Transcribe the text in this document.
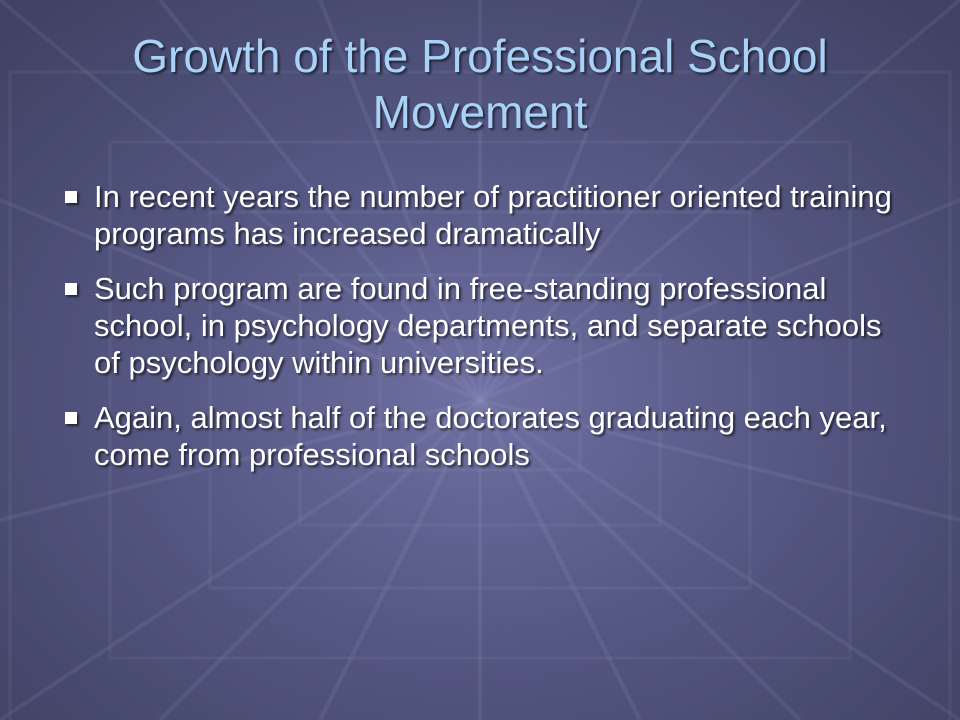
Growth of the Professional School Movement
In recent years the number of practitioner oriented training programs has increased dramatically
Such program are found in free-standing professional school, in psychology departments, and separate schools of psychology within universities.
Again, almost half of the doctorates graduating each year, come from professional schools
